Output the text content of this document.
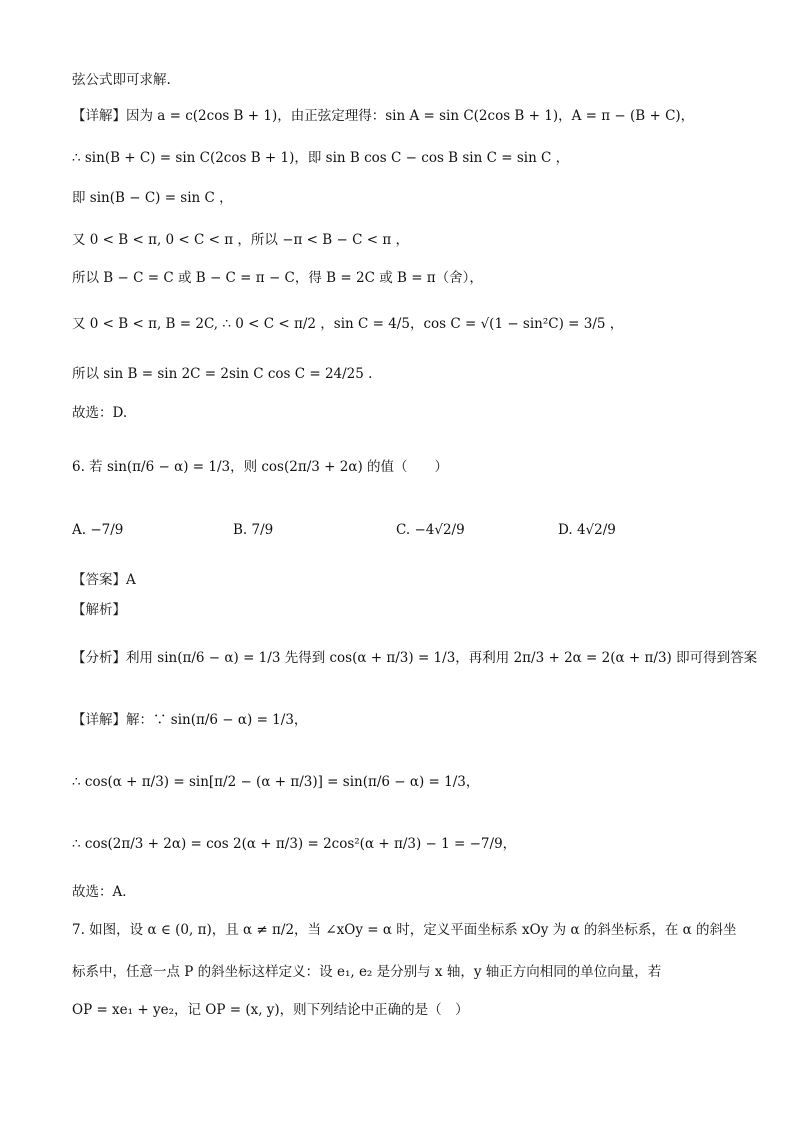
弦公式即可求解.
【详解】因为 a = c(2cos B + 1)，由正弦定理得：sin A = sin C(2cos B + 1)，A = π − (B + C)，
∴ sin(B + C) = sin C(2cos B + 1)，即 sin B cos C − cos B sin C = sin C ，
即 sin(B − C) = sin C ，
又 0 < B < π, 0 < C < π ，所以 −π < B − C < π ，
所以 B − C = C 或 B − C = π − C，得 B = 2C 或 B = π（舍），
又 0 < B < π, B = 2C, ∴ 0 < C < π/2 ，sin C = 4/5，cos C = √(1 − sin²C) = 3/5 ，
所以 sin B = sin 2C = 2sin C cos C = 24/25 .
故选：D.
6. 若 sin(π/6 − α) = 1/3，则 cos(2π/3 + 2α) 的值（　　）
A. −7/9	B. 7/9	C. −4√2/9	D. 4√2/9
【答案】A
【解析】
【分析】利用 sin(π/6 − α) = 1/3 先得到 cos(α + π/3) = 1/3，再利用 2π/3 + 2α = 2(α + π/3) 即可得到答案
【详解】解：∵ sin(π/6 − α) = 1/3，
∴ cos(α + π/3) = sin[π/2 − (α + π/3)] = sin(π/6 − α) = 1/3，
∴ cos(2π/3 + 2α) = cos 2(α + π/3) = 2cos²(α + π/3) − 1 = −7/9，
故选：A．
7. 如图，设 α ∈ (0, π)，且 α ≠ π/2，当 ∠xOy = α 时，定义平面坐标系 xOy 为 α 的斜坐标系，在 α 的斜坐
标系中，任意一点 P 的斜坐标这样定义：设 e₁, e₂ 是分别与 x 轴，y 轴正方向相同的单位向量，若
OP = xe₁ + ye₂，记 OP = (x, y)，则下列结论中正确的是（　）
